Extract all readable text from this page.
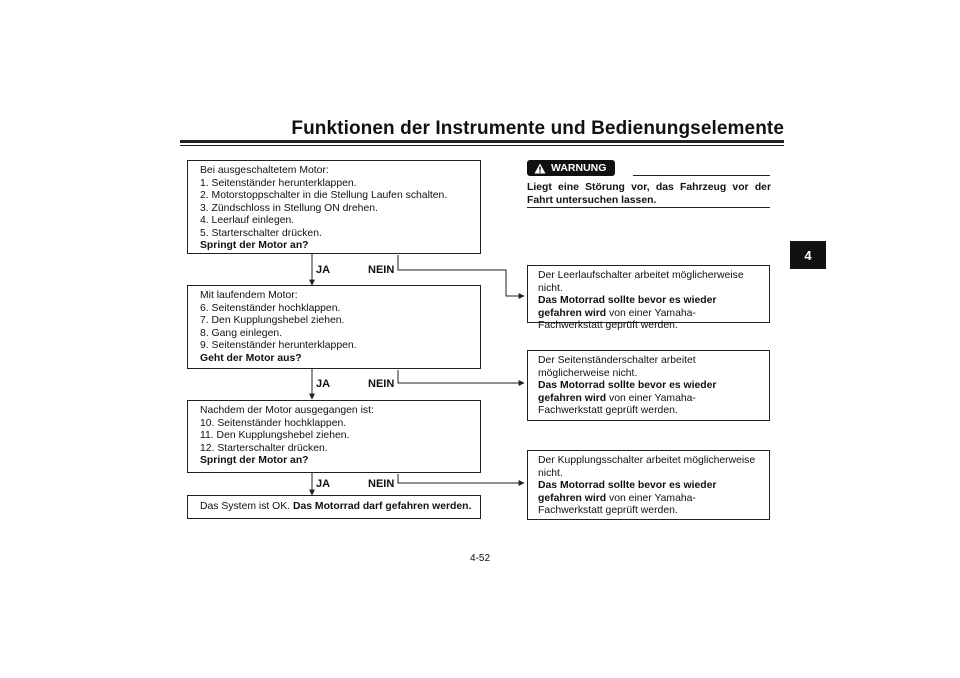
Funktionen der Instrumente und Bedienungselemente
4
Bei ausgeschaltetem Motor:
1. Seitenständer herunterklappen.
2. Motorstoppschalter in die Stellung Laufen schalten.
3. Zündschloss in Stellung ON drehen.
4. Leerlauf einlegen.
5. Starterschalter drücken.
Springt der Motor an?
JA	NEIN
Mit laufendem Motor:
6. Seitenständer hochklappen.
7. Den Kupplungshebel ziehen.
8. Gang einlegen.
9. Seitenständer herunterklappen.
Geht der Motor aus?
JA	NEIN
Nachdem der Motor ausgegangen ist:
10. Seitenständer hochklappen.
11. Den Kupplungshebel ziehen.
12. Starterschalter drücken.
Springt der Motor an?
JA	NEIN
Das System ist OK. Das Motorrad darf gefahren werden.
WARNUNG
Liegt eine Störung vor, das Fahrzeug vor der Fahrt untersuchen lassen.
Der Leerlaufschalter arbeitet möglicherweise nicht.
Das Motorrad sollte bevor es wieder gefahren wird von einer Yamaha-Fachwerkstatt geprüft werden.
Der Seitenständerschalter arbeitet möglicherweise nicht.
Das Motorrad sollte bevor es wieder gefahren wird von einer Yamaha-Fachwerkstatt geprüft werden.
Der Kupplungsschalter arbeitet möglicherweise nicht.
Das Motorrad sollte bevor es wieder gefahren wird von einer Yamaha-Fachwerkstatt geprüft werden.
4-52
